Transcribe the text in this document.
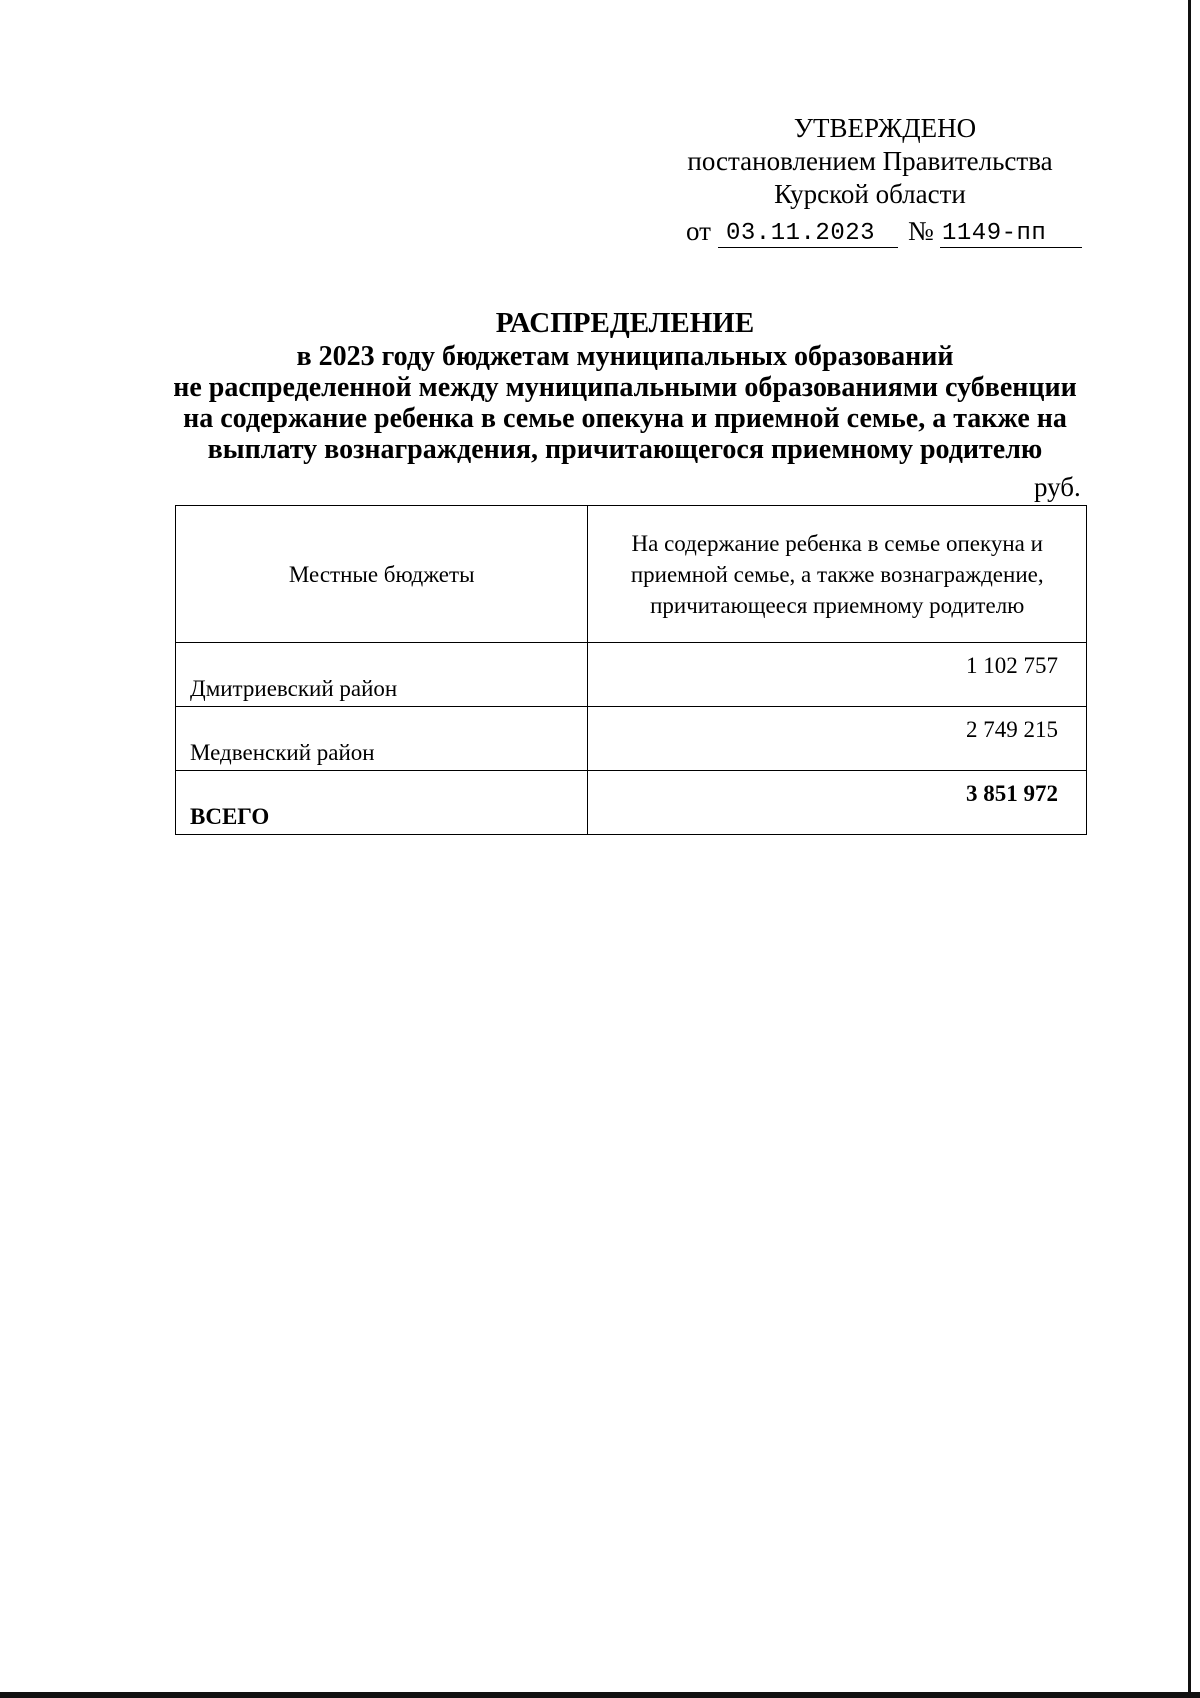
УТВЕРЖДЕНО
постановлением Правительства
Курской области
от 03.11.2023 № 1149-пп
РАСПРЕДЕЛЕНИЕ
в 2023 году бюджетам муниципальных образований
не распределенной между муниципальными образованиями субвенции
на содержание ребенка в семье опекуна и приемной семье, а также на
выплату вознаграждения, причитающегося приемному родителю
руб.
Местные бюджеты	На содержание ребенка в семье опекуна и приемной семье, а также вознаграждение, причитающееся приемному родителю
Дмитриевский район	1 102 757
Медвенский район	2 749 215
ВСЕГО	3 851 972
